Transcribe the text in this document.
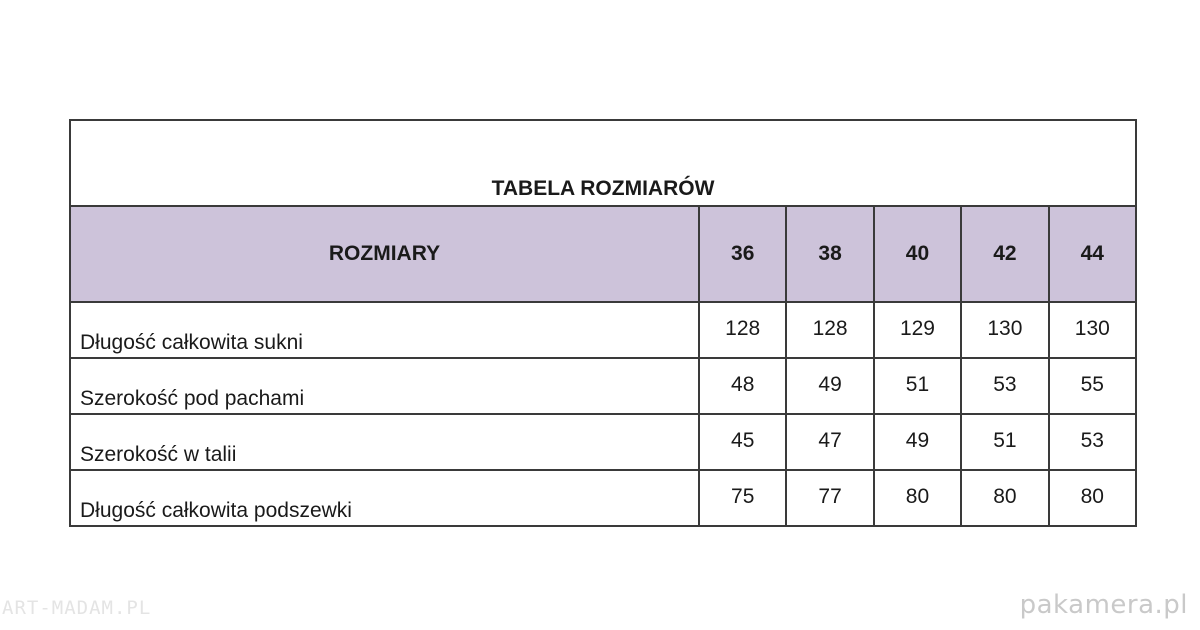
TABELA ROZMIARÓW					
ROZMIARY	36	38	40	42	44
Długość całkowita sukni	128	128	129	130	130
Szerokość pod pachami	48	49	51	53	55
Szerokość w talii	45	47	49	51	53
Długość całkowita podszewki	75	77	80	80	80
ART-MADAM.PL	pakamera.pl
